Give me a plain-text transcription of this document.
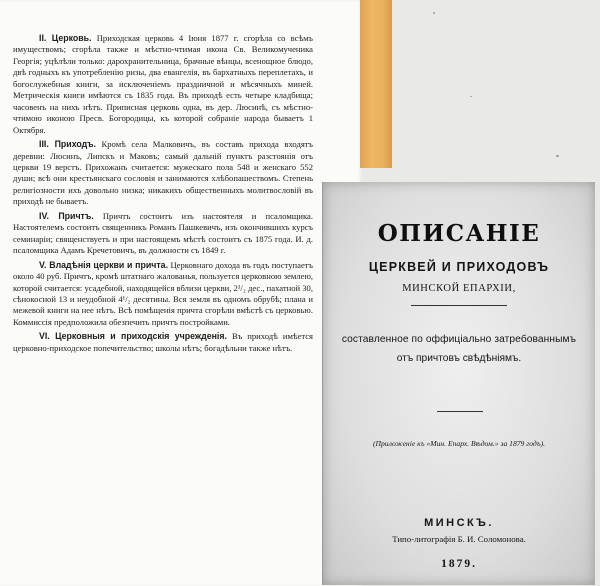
II. Церковь. Приходская церковь 4 Іюня 1877 г. сгорѣла со всѣмъ имуществомъ; сгорѣла также и мѣстно-чтимая икона Св. Великомученика Георгія; уцѣлѣли только: дарохранительница, брачные вѣнцы, всенощное блюдо, двѣ годныхъ къ употребленію ризы, два евангелія, въ бархатныхъ переплетахъ, и богослужебныя книги, за исключеніемъ праздничной и мѣсячныхъ миней. Метрическія книги имѣются съ 1835 года. Въ приходѣ есть четыре кладбища; часовенъ на нихъ нѣтъ. Приписная церковь одна, въ дер. Люсинѣ, съ мѣстно-чтимою иконою Пресв. Богородицы, къ которой собраніе народа бываетъ 1 Октября.

III. Приходъ. Кромѣ села Малковичъ, въ составъ прихода входятъ деревни: Люсинъ, Липскъ и Маковъ; самый дальній пунктъ разстоянія отъ церкви 19 верстъ. Прихожанъ считается: мужескаго пола 548 и женскаго 552 души; всѣ они крестьянскаго сословія и занимаются хлѣбопашествомъ. Степень религіозности ихъ довольно низка; никакихъ общественныхъ молитвословій въ приходѣ не бываетъ.

IV. Причтъ. Причтъ состоитъ изъ настоятеля и псаломщика. Настоятелемъ состоитъ священникъ Романъ Пашкевичъ, изъ окончившихъ курсъ семинаріи; священствуетъ и при настоящемъ мѣстѣ состоитъ съ 1875 года. И. д. псаломщика Адамъ Кречетовичъ, въ должности съ 1849 г.

V. Владѣнія церкви и причта. Церковнаго дохода въ годъ поступаетъ около 40 руб. Причтъ, кромѣ штатнаго жалованья, пользуется церковною землею, которой считается: усадебной, находящейся вблизи церкви, 2¹/₂ дес., пахатной 30, сѣнокосной 13 и неудобной 4¹/₂ десятины. Вся земля въ одномъ обрубѣ; плана и межевой книги на нее нѣтъ. Всѣ помѣщенія причта сгорѣли вмѣстѣ съ церковью. Коммиссія предположила обезпечить причтъ постройками.

VI. Церковныя и приходскія учрежденія. Въ приходѣ имѣется церковно-приходское попечительство; школы нѣтъ; богадѣльни также нѣтъ.

ОПИСАНІЕ
ЦЕРКВЕЙ И ПРИХОДОВЪ
МИНСКОЙ ЕПАРХІИ,
составленное по оффиціально затребованнымъ
отъ причтовъ свѣдѣніямъ.
(Приложеніе къ «Мин. Епарх. Вѣдом.» за 1879 годъ).
МИНСКЪ.
Типо-литографія Б. И. Соломонова.
1879.
